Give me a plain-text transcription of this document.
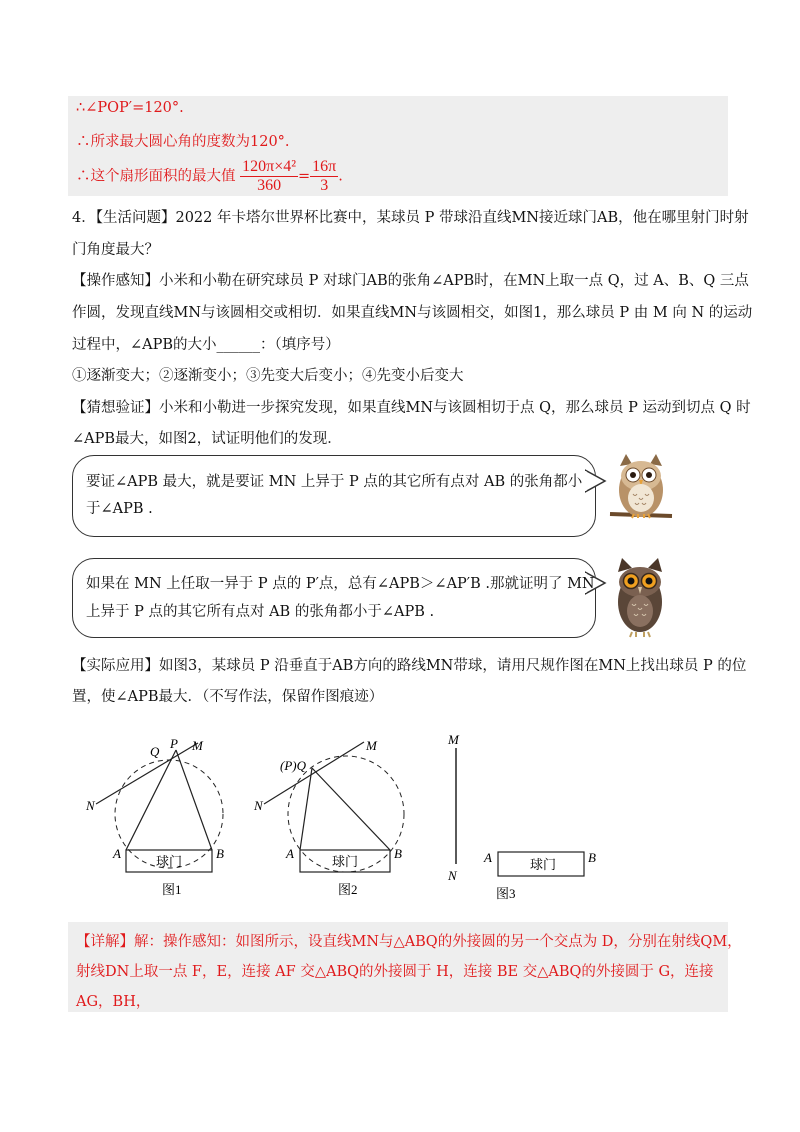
∴∠POP′=120°.
∴所求最大圆心角的度数为120°.
∴这个扇形面积的最大值 $\frac{\text{120π×4²}}{360} = \frac{16\pi}{3}$ .
4．【生活问题】2022 年卡塔尔世界杯比赛中，某球员 P 带球沿直线MN接近球门AB，他在哪里射门时射
门角度最大？
【操作感知】小米和小勒在研究球员 P 对球门AB的张角∠APB时，在MN上取一点 Q，过 A、B、Q 三点
作圆，发现直线MN与该圆相交或相切．如果直线MN与该圆相交，如图1，那么球员 P 由 M 向 N 的运动
过程中，∠APB的大小______：（填序号）
①逐渐变大；②逐渐变小；③先变大后变小；④先变小后变大
【猜想验证】小米和小勒进一步探究发现，如果直线MN与该圆相切于点 Q，那么球员 P 运动到切点 Q 时
∠APB最大，如图2，试证明他们的发现．
要证∠APB 最大，就是要证 MN 上异于 P 点的其它所有点对 AB 的张角都小
于∠APB .
如果在 MN 上任取一异于 P 点的 P′点，总有∠APB＞∠AP′B .那就证明了 MN
上异于 P 点的其它所有点对 AB 的张角都小于∠APB .
【实际应用】如图3，某球员 P 沿垂直于AB方向的路线MN带球，请用尺规作图在MN上找出球员 P 的位
置，使∠APB最大．（不写作法，保留作图痕迹）
球门
A	B
N
M
P
Q
图1
球门
A	B
N
M
(P)Q
图2
M
N
球门
A	B
图3
【详解】解：操作感知：如图所示，设直线MN与△ABQ的外接圆的另一个交点为 D，分别在射线QM，
射线DN上取一点 F，E，连接 AF 交△ABQ的外接圆于 H，连接 BE 交△ABQ的外接圆于 G，连接
AG，BH，
